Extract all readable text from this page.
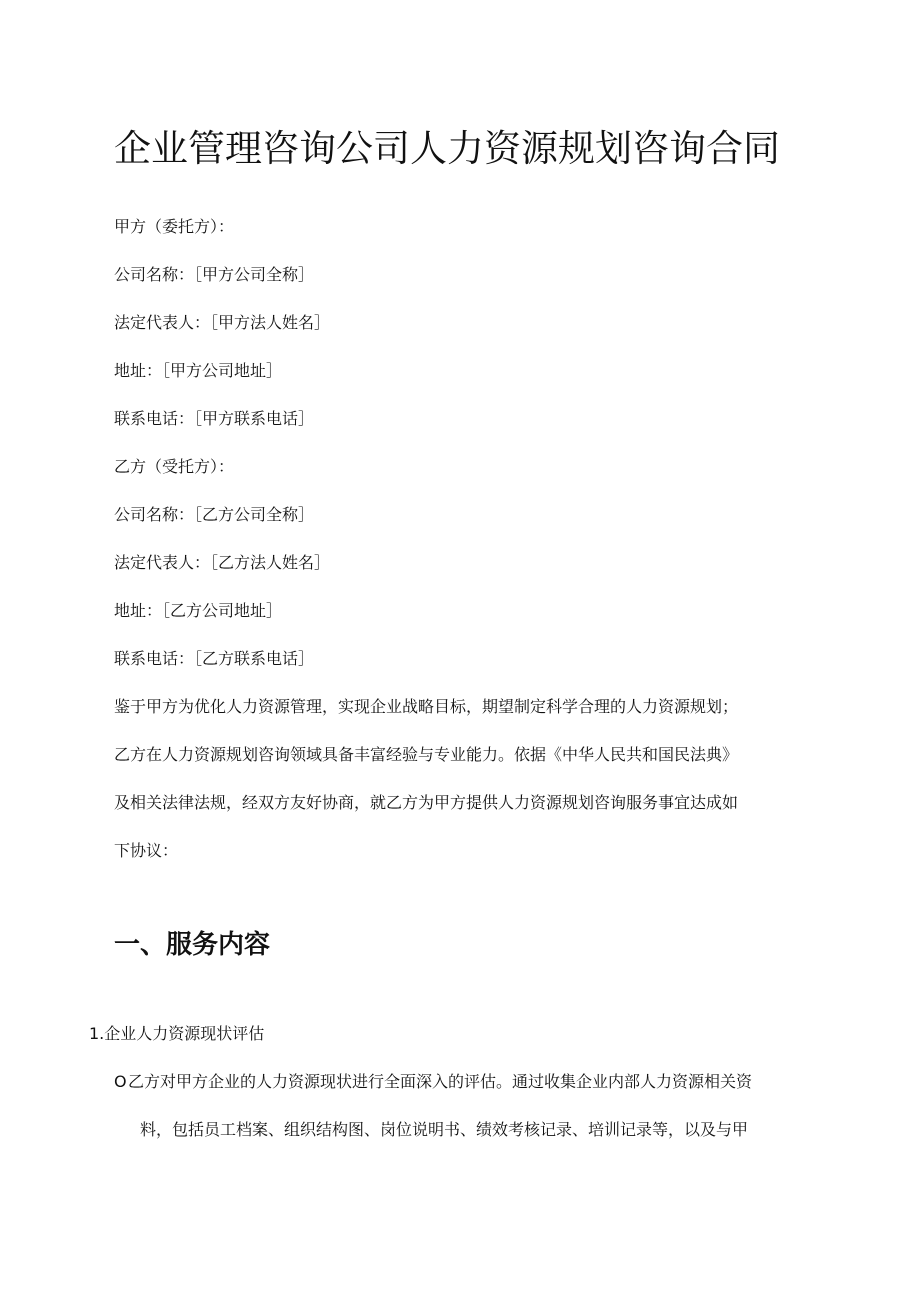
企业管理咨询公司人力资源规划咨询合同

甲方（委托方）：

公司名称：［甲方公司全称］

法定代表人：［甲方法人姓名］

地址：［甲方公司地址］

联系电话：［甲方联系电话］

乙方（受托方）：

公司名称：［乙方公司全称］

法定代表人：［乙方法人姓名］

地址：［乙方公司地址］

联系电话：［乙方联系电话］

鉴于甲方为优化人力资源管理，实现企业战略目标，期望制定科学合理的人力资源规划；

乙方在人力资源规划咨询领域具备丰富经验与专业能力。依据《中华人民共和国民法典》

及相关法律法规，经双方友好协商，就乙方为甲方提供人力资源规划咨询服务事宜达成如

下协议：

一、服务内容

1.企业人力资源现状评估

O乙方对甲方企业的人力资源现状进行全面深入的评估。通过收集企业内部人力资源相关资

料，包括员工档案、组织结构图、岗位说明书、绩效考核记录、培训记录等，以及与甲
